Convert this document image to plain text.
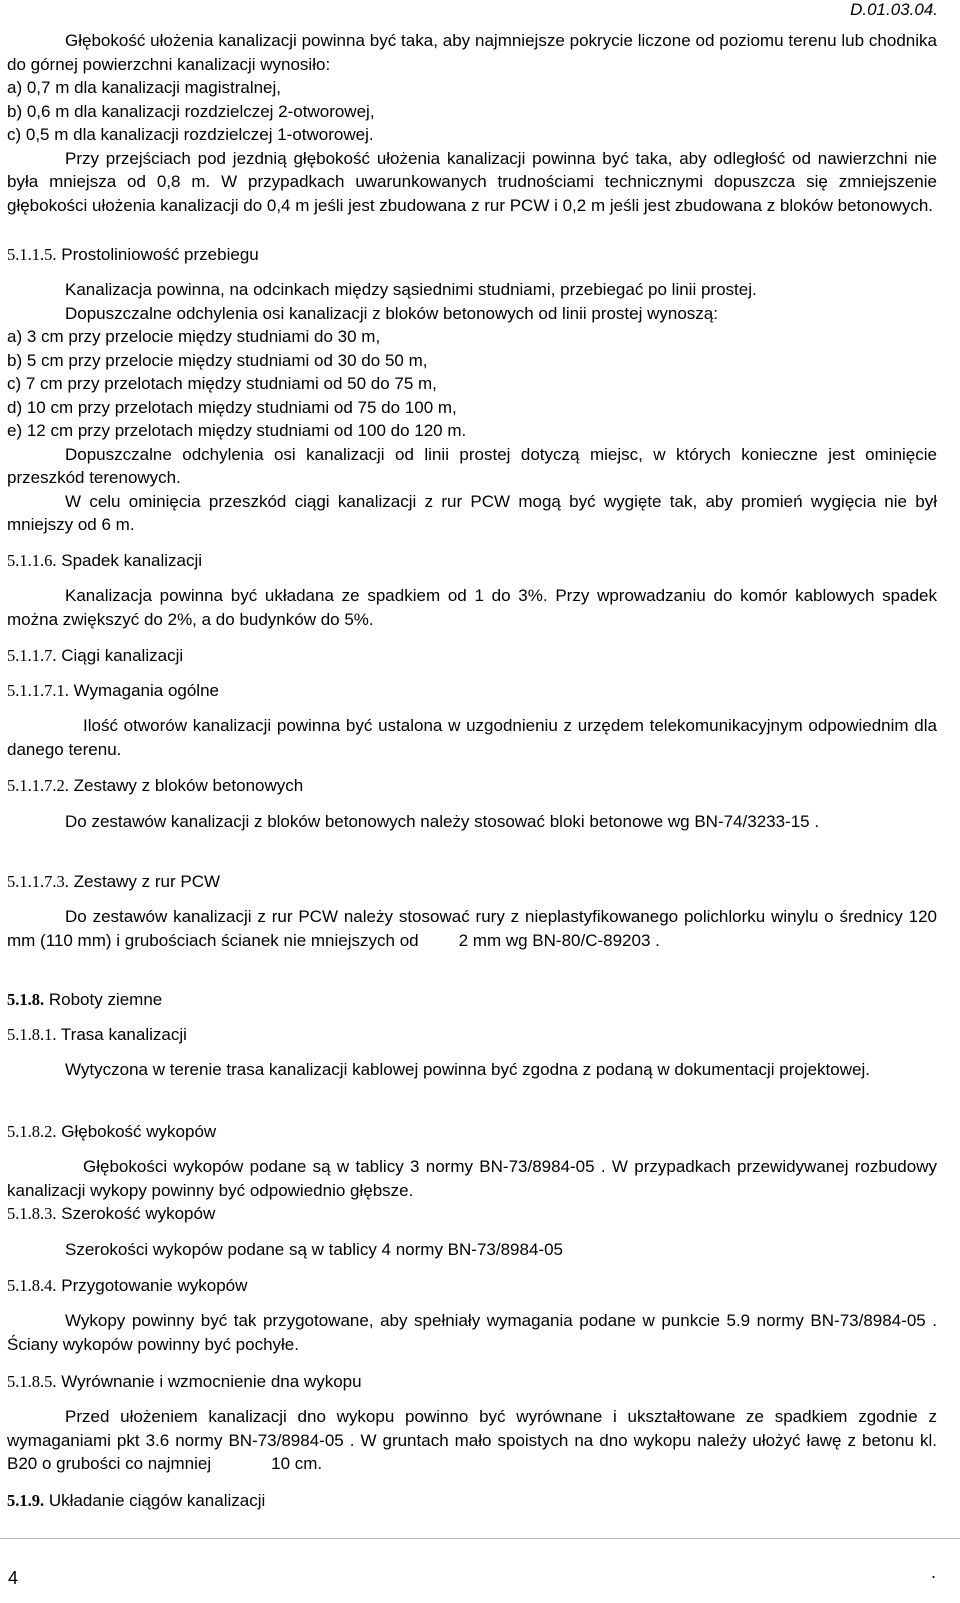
D.01.03.04.

Głębokość ułożenia kanalizacji powinna być taka, aby najmniejsze pokrycie liczone od poziomu terenu lub chodnika do górnej powierzchni kanalizacji wynosiło:

a) 0,7 m dla kanalizacji magistralnej,

b) 0,6 m dla kanalizacji rozdzielczej 2-otworowej,

c) 0,5 m dla kanalizacji rozdzielczej 1-otworowej.

Przy przejściach pod jezdnią głębokość ułożenia kanalizacji powinna być taka, aby odległość od nawierzchni nie była mniejsza od 0,8 m. W przypadkach uwarunkowanych trudnościami technicznymi dopuszcza się zmniejszenie głębokości ułożenia kanalizacji do 0,4 m jeśli jest zbudowana z rur PCW i 0,2 m jeśli jest zbudowana z bloków betonowych.

5.1.1.5. Prostoliniowość przebiegu

Kanalizacja powinna, na odcinkach między sąsiednimi studniami, przebiegać po linii prostej.

Dopuszczalne odchylenia osi kanalizacji z bloków betonowych od linii prostej wynoszą:

a) 3 cm przy przelocie między studniami do 30 m,

b) 5 cm przy przelocie między studniami od 30 do 50 m,

c) 7 cm przy przelotach między studniami od 50 do 75 m,

d) 10 cm przy przelotach między studniami od 75 do 100 m,

e) 12 cm przy przelotach między studniami od 100 do 120 m.

Dopuszczalne odchylenia osi kanalizacji od linii prostej dotyczą miejsc, w których konieczne jest ominięcie przeszkód terenowych.

W celu ominięcia przeszkód ciągi kanalizacji z rur PCW mogą być wygięte tak, aby promień wygięcia nie był mniejszy od 6 m.

5.1.1.6. Spadek kanalizacji

Kanalizacja powinna być układana ze spadkiem od 1 do 3%. Przy wprowadzaniu do komór kablowych spadek można zwiększyć do 2%, a do budynków do 5%.

5.1.1.7. Ciągi kanalizacji
5.1.1.7.1. Wymagania ogólne

Ilość otworów kanalizacji powinna być ustalona w uzgodnieniu z urzędem telekomunikacyjnym odpowiednim dla danego terenu.

5.1.1.7.2. Zestawy z bloków betonowych

Do zestawów kanalizacji z bloków betonowych należy stosować bloki betonowe wg BN-74/3233-15 .

5.1.1.7.3. Zestawy z rur PCW

Do zestawów kanalizacji z rur PCW należy stosować rury z nieplastyfikowanego polichlorku winylu o średnicy 120 mm (110 mm) i grubościach ścianek nie mniejszych od 2 mm wg BN-80/C-89203 .

5.1.8. Roboty ziemne
5.1.8.1. Trasa kanalizacji

Wytyczona w terenie trasa kanalizacji kablowej powinna być zgodna z podaną w dokumentacji projektowej.

5.1.8.2. Głębokość wykopów

Głębokości wykopów podane są w tablicy 3 normy BN-73/8984-05 . W przypadkach przewidywanej rozbudowy kanalizacji wykopy powinny być odpowiednio głębsze.

5.1.8.3. Szerokość wykopów

Szerokości wykopów podane są w tablicy 4 normy BN-73/8984-05

5.1.8.4. Przygotowanie wykopów

Wykopy powinny być tak przygotowane, aby spełniały wymagania podane w punkcie 5.9 normy BN-73/8984-05 . Ściany wykopów powinny być pochyłe.

5.1.8.5. Wyrównanie i wzmocnienie dna wykopu

Przed ułożeniem kanalizacji dno wykopu powinno być wyrównane i ukształtowane ze spadkiem zgodnie z wymaganiami pkt 3.6 normy BN-73/8984-05 . W gruntach mało spoistych na dno wykopu należy ułożyć ławę z betonu kl. B20 o grubości co najmniej	10 cm.

5.1.9. Układanie ciągów kanalizacji
4	.
